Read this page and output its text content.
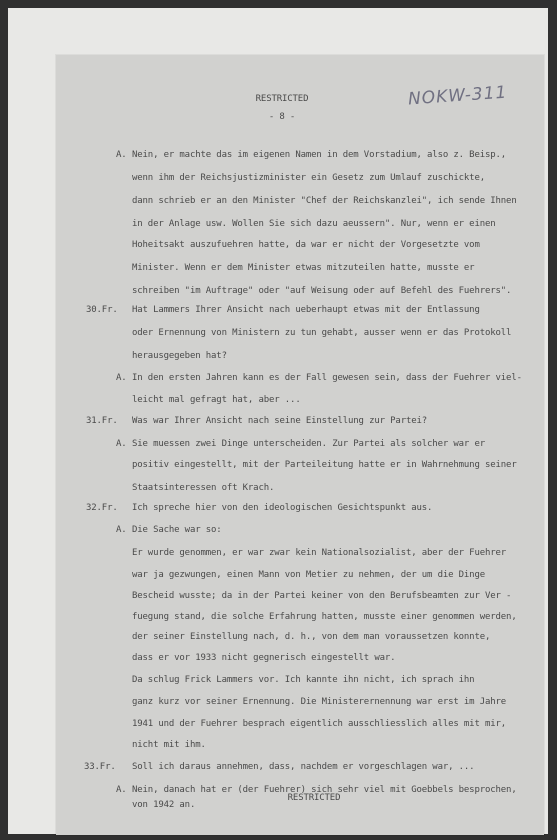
RESTRICTED
- 8 -
NOKW-311
A. Nein, er machte das im eigenen Namen in dem Vorstadium, also z. Beisp.,
wenn ihm der Reichsjustizminister ein Gesetz zum Umlauf zuschickte,
dann schrieb er an den Minister "Chef der Reichskanzlei", ich sende Ihnen
in der Anlage usw. Wollen Sie sich dazu aeussern". Nur, wenn er einen
Hoheitsakt auszufuehren hatte, da war er nicht der Vorgesetzte vom
Minister. Wenn er dem Minister etwas mitzuteilen hatte, musste er
schreiben "im Auftrage" oder "auf Weisung oder auf Befehl des Fuehrers".
30.Fr. Hat Lammers Ihrer Ansicht nach ueberhaupt etwas mit der Entlassung
oder Ernennung von Ministern zu tun gehabt, ausser wenn er das Protokoll
herausgegeben hat?
A. In den ersten Jahren kann es der Fall gewesen sein, dass der Fuehrer viel-
leicht mal gefragt hat, aber ...
31.Fr. Was war Ihrer Ansicht nach seine Einstellung zur Partei?
A. Sie muessen zwei Dinge unterscheiden. Zur Partei als solcher war er
positiv eingestellt, mit der Parteileitung hatte er in Wahrnehmung seiner
Staatsinteressen oft Krach.
32.Fr. Ich spreche hier von den ideologischen Gesichtspunkt aus.
A. Die Sache war so:
Er wurde genommen, er war zwar kein Nationalsozialist, aber der Fuehrer
war ja gezwungen, einen Mann von Metier zu nehmen, der um die Dinge
Bescheid wusste; da in der Partei keiner von den Berufsbeamten zur Ver -
fuegung stand, die solche Erfahrung hatten, musste einer genommen werden,
der seiner Einstellung nach, d. h., von dem man voraussetzen konnte,
dass er vor 1933 nicht gegnerisch eingestellt war.
Da schlug Frick Lammers vor. Ich kannte ihn nicht, ich sprach ihn
ganz kurz vor seiner Ernennung. Die Ministerernennung war erst im Jahre
1941 und der Fuehrer besprach eigentlich ausschliesslich alles mit mir,
nicht mit ihm.
33.Fr. Soll ich daraus annehmen, dass, nachdem er vorgeschlagen war, ...
A. Nein, danach hat er (der Fuehrer) sich sehr viel mit Goebbels besprochen,
von 1942 an.
RESTRICTED
